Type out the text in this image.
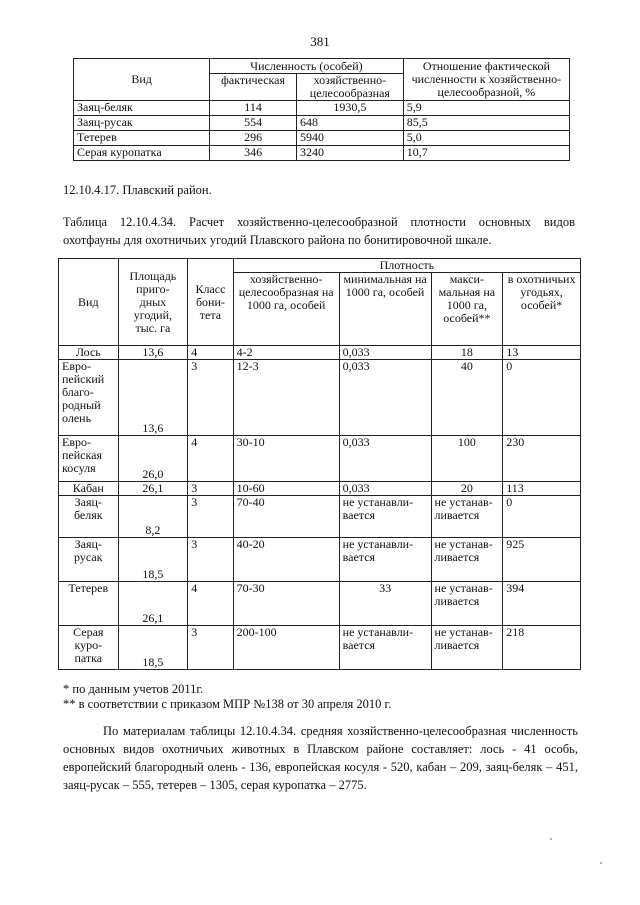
381
Вид	Численность (особей)		Отношение фактической численности к хозяйственно-целесообразной, %
	фактическая	хозяйственно-целесообразная	
Заяц-беляк	114	1930,5	5,9
Заяц-русак	554	648	85,5
Тетерев	296	5940	5,0
Серая куропатка	346	3240	10,7
12.10.4.17. Плавский район.
Таблица 12.10.4.34. Расчет хозяйственно-целесообразной плотности основных видов охотфауны для охотничьих угодий Плавского района по бонитировочной шкале.
Вид	Площадь приго- дных угодий, тыс. га	Класс бони- тета	Плотность			
			хозяйственно- целесообразная на 1000 га, особей	минимальная на 1000 га, особей	макси- мальная на 1000 га, особей**	в охотничьих угодьях, особей*
Лось	13,6	4	4-2	0,033	18	13
Евро- пейский благо- родный олень	13,6	3	12-3	0,033	40	0
Евро- пейская косуля	26,0	4	30-10	0,033	100	230
Кабан	26,1	3	10-60	0,033	20	113
Заяц- беляк	8,2	3	70-40	не устанавли- вается	не устанав- ливается	0
Заяц- русак	18,5	3	40-20	не устанавли- вается	не устанав- ливается	925
Тетерев	26,1	4	70-30	33	не устанав- ливается	394
Серая куро- патка	18,5	3	200-100	не устанавли- вается	не устанав- ливается	218
* по данным учетов 2011г.
** в соответствии с приказом МПР №138 от 30 апреля 2010 г.
По материалам таблицы 12.10.4.34. средняя хозяйственно-целесообразная численность основных видов охотничьих животных в Плавском районе составляет: лось - 41 особь, европейский благородный олень - 136, европейская косуля - 520, кабан – 209, заяц-беляк – 451, заяц-русак – 555, тетерев – 1305, серая куропатка – 2775.
